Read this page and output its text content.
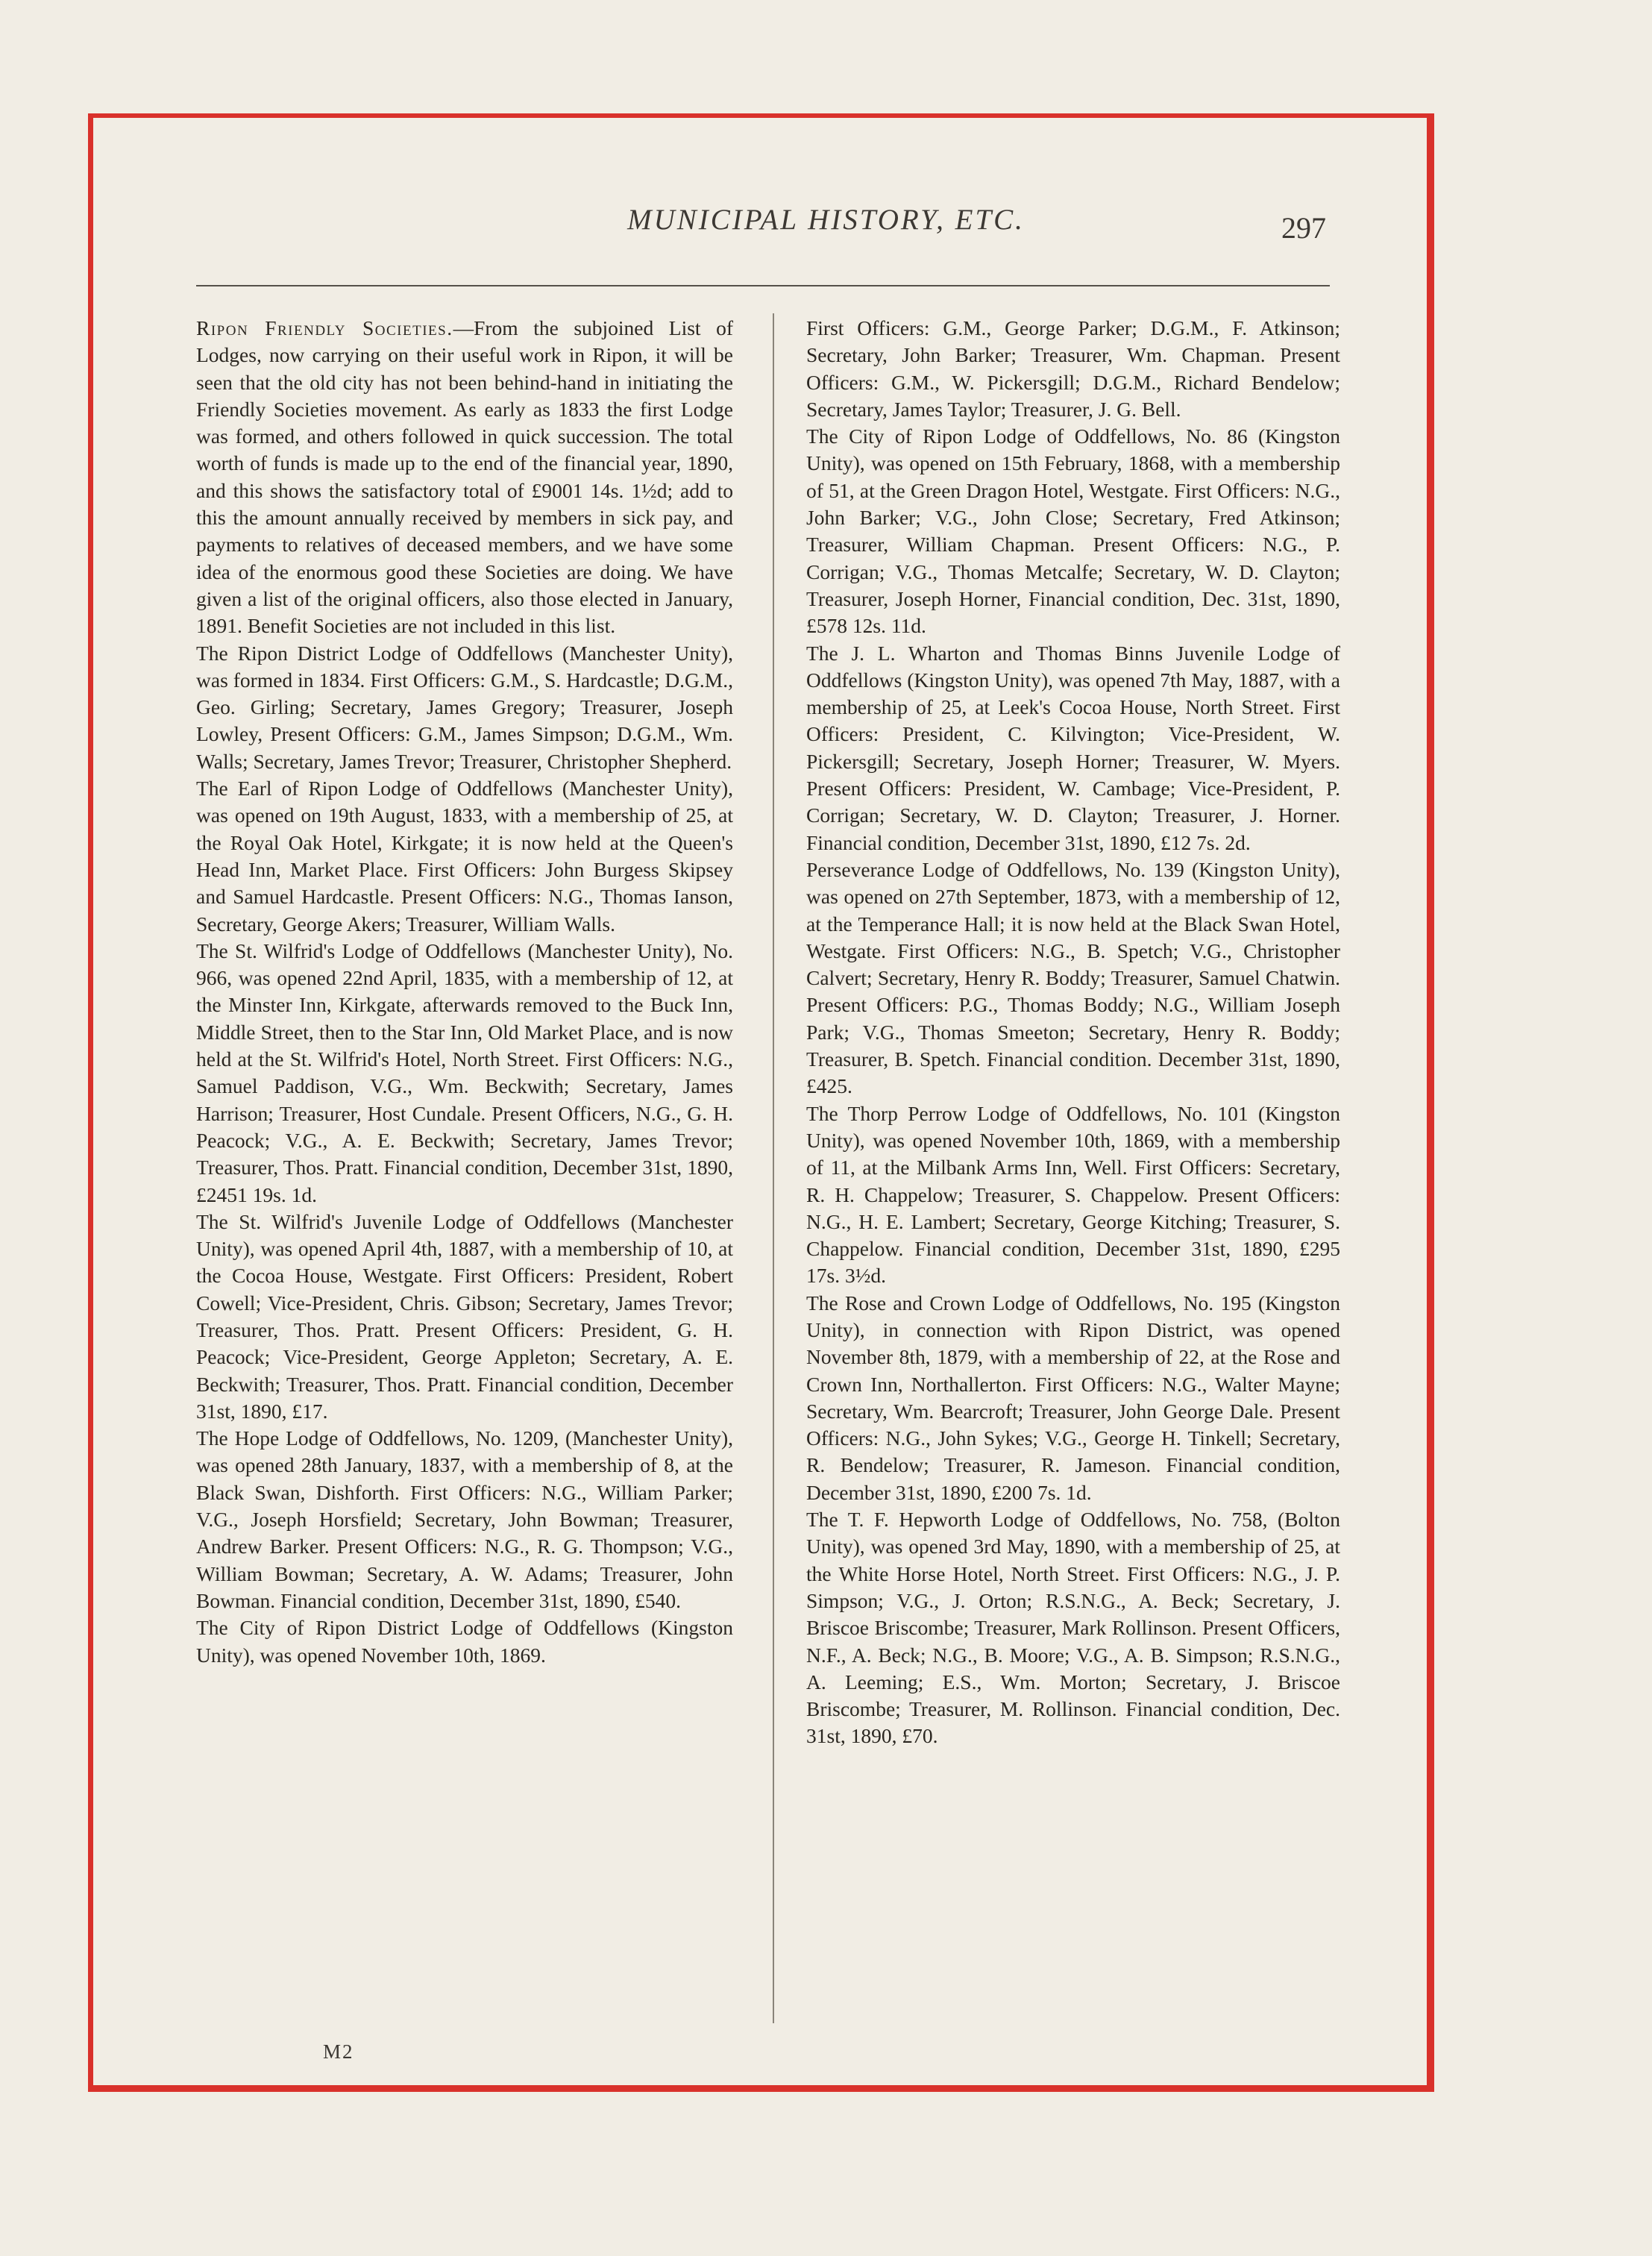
MUNICIPAL HISTORY, ETC.	297

Ripon Friendly Societies.—From the subjoined List of Lodges, now carrying on their useful work in Ripon, it will be seen that the old city has not been behind-hand in initiating the Friendly Societies movement. As early as 1833 the first Lodge was formed, and others followed in quick succession. The total worth of funds is made up to the end of the financial year, 1890, and this shows the satisfactory total of £9001 14s. 1½d; add to this the amount annually received by members in sick pay, and payments to relatives of deceased members, and we have some idea of the enormous good these Societies are doing. We have given a list of the original officers, also those elected in January, 1891. Benefit Societies are not included in this list.

The Ripon District Lodge of Oddfellows (Manchester Unity), was formed in 1834. First Officers: G.M., S. Hardcastle; D.G.M., Geo. Girling; Secretary, James Gregory; Treasurer, Joseph Lowley, Present Officers: G.M., James Simpson; D.G.M., Wm. Walls; Secretary, James Trevor; Treasurer, Christopher Shepherd.

The Earl of Ripon Lodge of Oddfellows (Manchester Unity), was opened on 19th August, 1833, with a membership of 25, at the Royal Oak Hotel, Kirkgate; it is now held at the Queen's Head Inn, Market Place. First Officers: John Burgess Skipsey and Samuel Hardcastle. Present Officers: N.G., Thomas Ianson, Secretary, George Akers; Treasurer, William Walls.

The St. Wilfrid's Lodge of Oddfellows (Manchester Unity), No. 966, was opened 22nd April, 1835, with a membership of 12, at the Minster Inn, Kirkgate, afterwards removed to the Buck Inn, Middle Street, then to the Star Inn, Old Market Place, and is now held at the St. Wilfrid's Hotel, North Street. First Officers: N.G., Samuel Paddison, V.G., Wm. Beckwith; Secretary, James Harrison; Treasurer, Host Cundale. Present Officers, N.G., G. H. Peacock; V.G., A. E. Beckwith; Secretary, James Trevor; Treasurer, Thos. Pratt. Financial condition, December 31st, 1890, £2451 19s. 1d.

The St. Wilfrid's Juvenile Lodge of Oddfellows (Manchester Unity), was opened April 4th, 1887, with a membership of 10, at the Cocoa House, Westgate. First Officers: President, Robert Cowell; Vice-President, Chris. Gibson; Secretary, James Trevor; Treasurer, Thos. Pratt. Present Officers: President, G. H. Peacock; Vice-President, George Appleton; Secretary, A. E. Beckwith; Treasurer, Thos. Pratt. Financial condition, December 31st, 1890, £17.

The Hope Lodge of Oddfellows, No. 1209, (Manchester Unity), was opened 28th January, 1837, with a membership of 8, at the Black Swan, Dishforth. First Officers: N.G., William Parker; V.G., Joseph Horsfield; Secretary, John Bowman; Treasurer, Andrew Barker. Present Officers: N.G., R. G. Thompson; V.G., William Bowman; Secretary, A. W. Adams; Treasurer, John Bowman. Financial condition, December 31st, 1890, £540.

The City of Ripon District Lodge of Oddfellows (Kingston Unity), was opened November 10th, 1869.

First Officers: G.M., George Parker; D.G.M., F. Atkinson; Secretary, John Barker; Treasurer, Wm. Chapman. Present Officers: G.M., W. Pickersgill; D.G.M., Richard Bendelow; Secretary, James Taylor; Treasurer, J. G. Bell.

The City of Ripon Lodge of Oddfellows, No. 86 (Kingston Unity), was opened on 15th February, 1868, with a membership of 51, at the Green Dragon Hotel, Westgate. First Officers: N.G., John Barker; V.G., John Close; Secretary, Fred Atkinson; Treasurer, William Chapman. Present Officers: N.G., P. Corrigan; V.G., Thomas Metcalfe; Secretary, W. D. Clayton; Treasurer, Joseph Horner, Financial condition, Dec. 31st, 1890, £578 12s. 11d.

The J. L. Wharton and Thomas Binns Juvenile Lodge of Oddfellows (Kingston Unity), was opened 7th May, 1887, with a membership of 25, at Leek's Cocoa House, North Street. First Officers: President, C. Kilvington; Vice-President, W. Pickersgill; Secretary, Joseph Horner; Treasurer, W. Myers. Present Officers: President, W. Cambage; Vice-President, P. Corrigan; Secretary, W. D. Clayton; Treasurer, J. Horner. Financial condition, December 31st, 1890, £12 7s. 2d.

Perseverance Lodge of Oddfellows, No. 139 (Kingston Unity), was opened on 27th September, 1873, with a membership of 12, at the Temperance Hall; it is now held at the Black Swan Hotel, Westgate. First Officers: N.G., B. Spetch; V.G., Christopher Calvert; Secretary, Henry R. Boddy; Treasurer, Samuel Chatwin. Present Officers: P.G., Thomas Boddy; N.G., William Joseph Park; V.G., Thomas Smeeton; Secretary, Henry R. Boddy; Treasurer, B. Spetch. Financial condition. December 31st, 1890, £425.

The Thorp Perrow Lodge of Oddfellows, No. 101 (Kingston Unity), was opened November 10th, 1869, with a membership of 11, at the Milbank Arms Inn, Well. First Officers: Secretary, R. H. Chappelow; Treasurer, S. Chappelow. Present Officers: N.G., H. E. Lambert; Secretary, George Kitching; Treasurer, S. Chappelow. Financial condition, December 31st, 1890, £295 17s. 3½d.

The Rose and Crown Lodge of Oddfellows, No. 195 (Kingston Unity), in connection with Ripon District, was opened November 8th, 1879, with a membership of 22, at the Rose and Crown Inn, Northallerton. First Officers: N.G., Walter Mayne; Secretary, Wm. Bearcroft; Treasurer, John George Dale. Present Officers: N.G., John Sykes; V.G., George H. Tinkell; Secretary, R. Bendelow; Treasurer, R. Jameson. Financial condition, December 31st, 1890, £200 7s. 1d.

The T. F. Hepworth Lodge of Oddfellows, No. 758, (Bolton Unity), was opened 3rd May, 1890, with a membership of 25, at the White Horse Hotel, North Street. First Officers: N.G., J. P. Simpson; V.G., J. Orton; R.S.N.G., A. Beck; Secretary, J. Briscoe Briscombe; Treasurer, Mark Rollinson. Present Officers, N.F., A. Beck; N.G., B. Moore; V.G., A. B. Simpson; R.S.N.G., A. Leeming; E.S., Wm. Morton; Secretary, J. Briscoe Briscombe; Treasurer, M. Rollinson. Financial condition, Dec. 31st, 1890, £70.

M2
